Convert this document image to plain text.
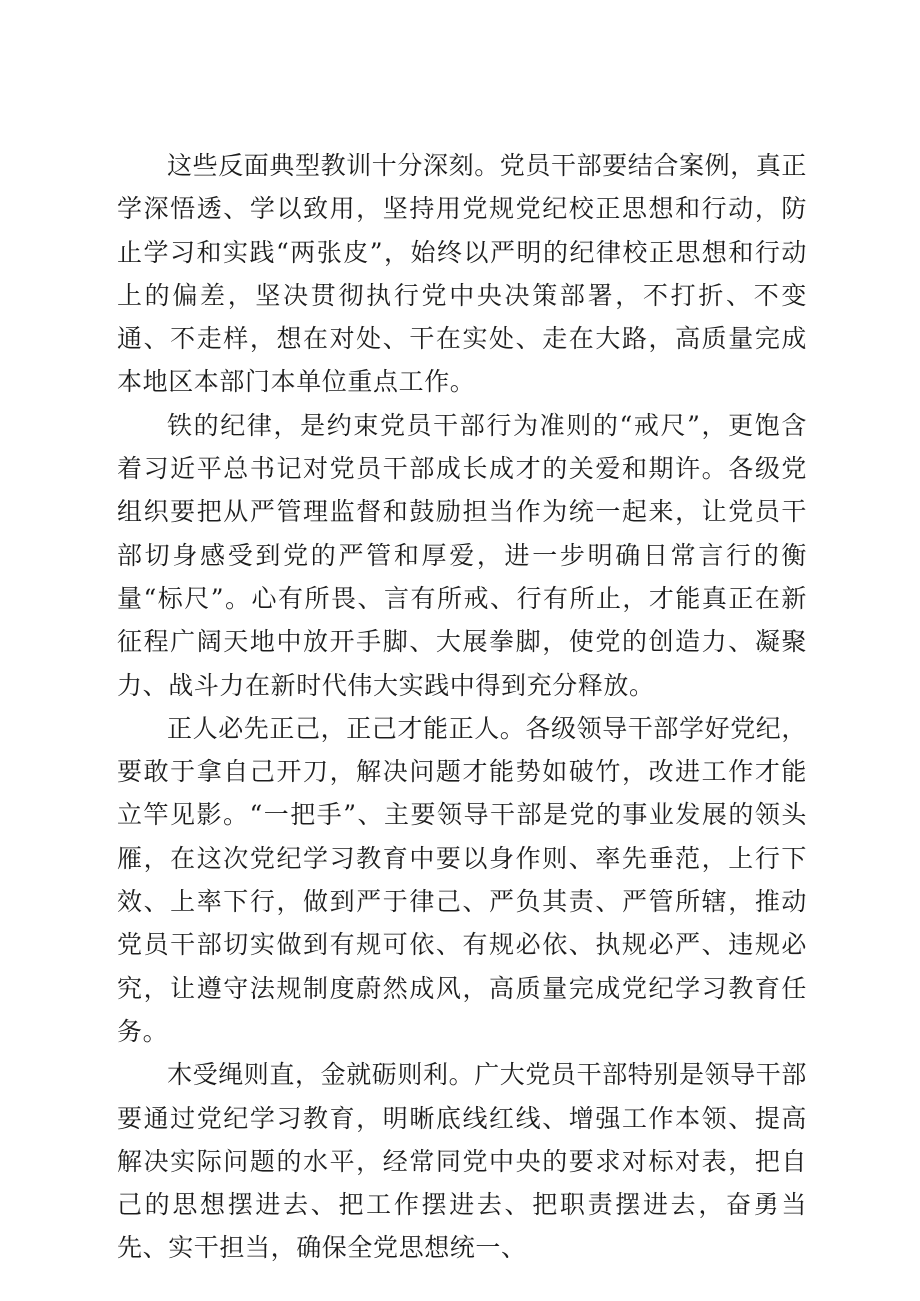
这些反面典型教训十分深刻。党员干部要结合案例，真正学深悟透、学以致用，坚持用党规党纪校正思想和行动，防止学习和实践“两张皮”，始终以严明的纪律校正思想和行动上的偏差，坚决贯彻执行党中央决策部署，不打折、不变通、不走样，想在对处、干在实处、走在大路，高质量完成本地区本部门本单位重点工作。

铁的纪律，是约束党员干部行为准则的“戒尺”，更饱含着习近平总书记对党员干部成长成才的关爱和期许。各级党组织要把从严管理监督和鼓励担当作为统一起来，让党员干部切身感受到党的严管和厚爱，进一步明确日常言行的衡量“标尺”。心有所畏、言有所戒、行有所止，才能真正在新征程广阔天地中放开手脚、大展拳脚，使党的创造力、凝聚力、战斗力在新时代伟大实践中得到充分释放。

正人必先正己，正己才能正人。各级领导干部学好党纪，要敢于拿自己开刀，解决问题才能势如破竹，改进工作才能立竿见影。“一把手”、主要领导干部是党的事业发展的领头雁，在这次党纪学习教育中要以身作则、率先垂范，上行下效、上率下行，做到严于律己、严负其责、严管所辖，推动党员干部切实做到有规可依、有规必依、执规必严、违规必究，让遵守法规制度蔚然成风，高质量完成党纪学习教育任务。

木受绳则直，金就砺则利。广大党员干部特别是领导干部要通过党纪学习教育，明晰底线红线、增强工作本领、提高解决实际问题的水平，经常同党中央的要求对标对表，把自己的思想摆进去、把工作摆进去、把职责摆进去，奋勇当先、实干担当，确保全党思想统一、
